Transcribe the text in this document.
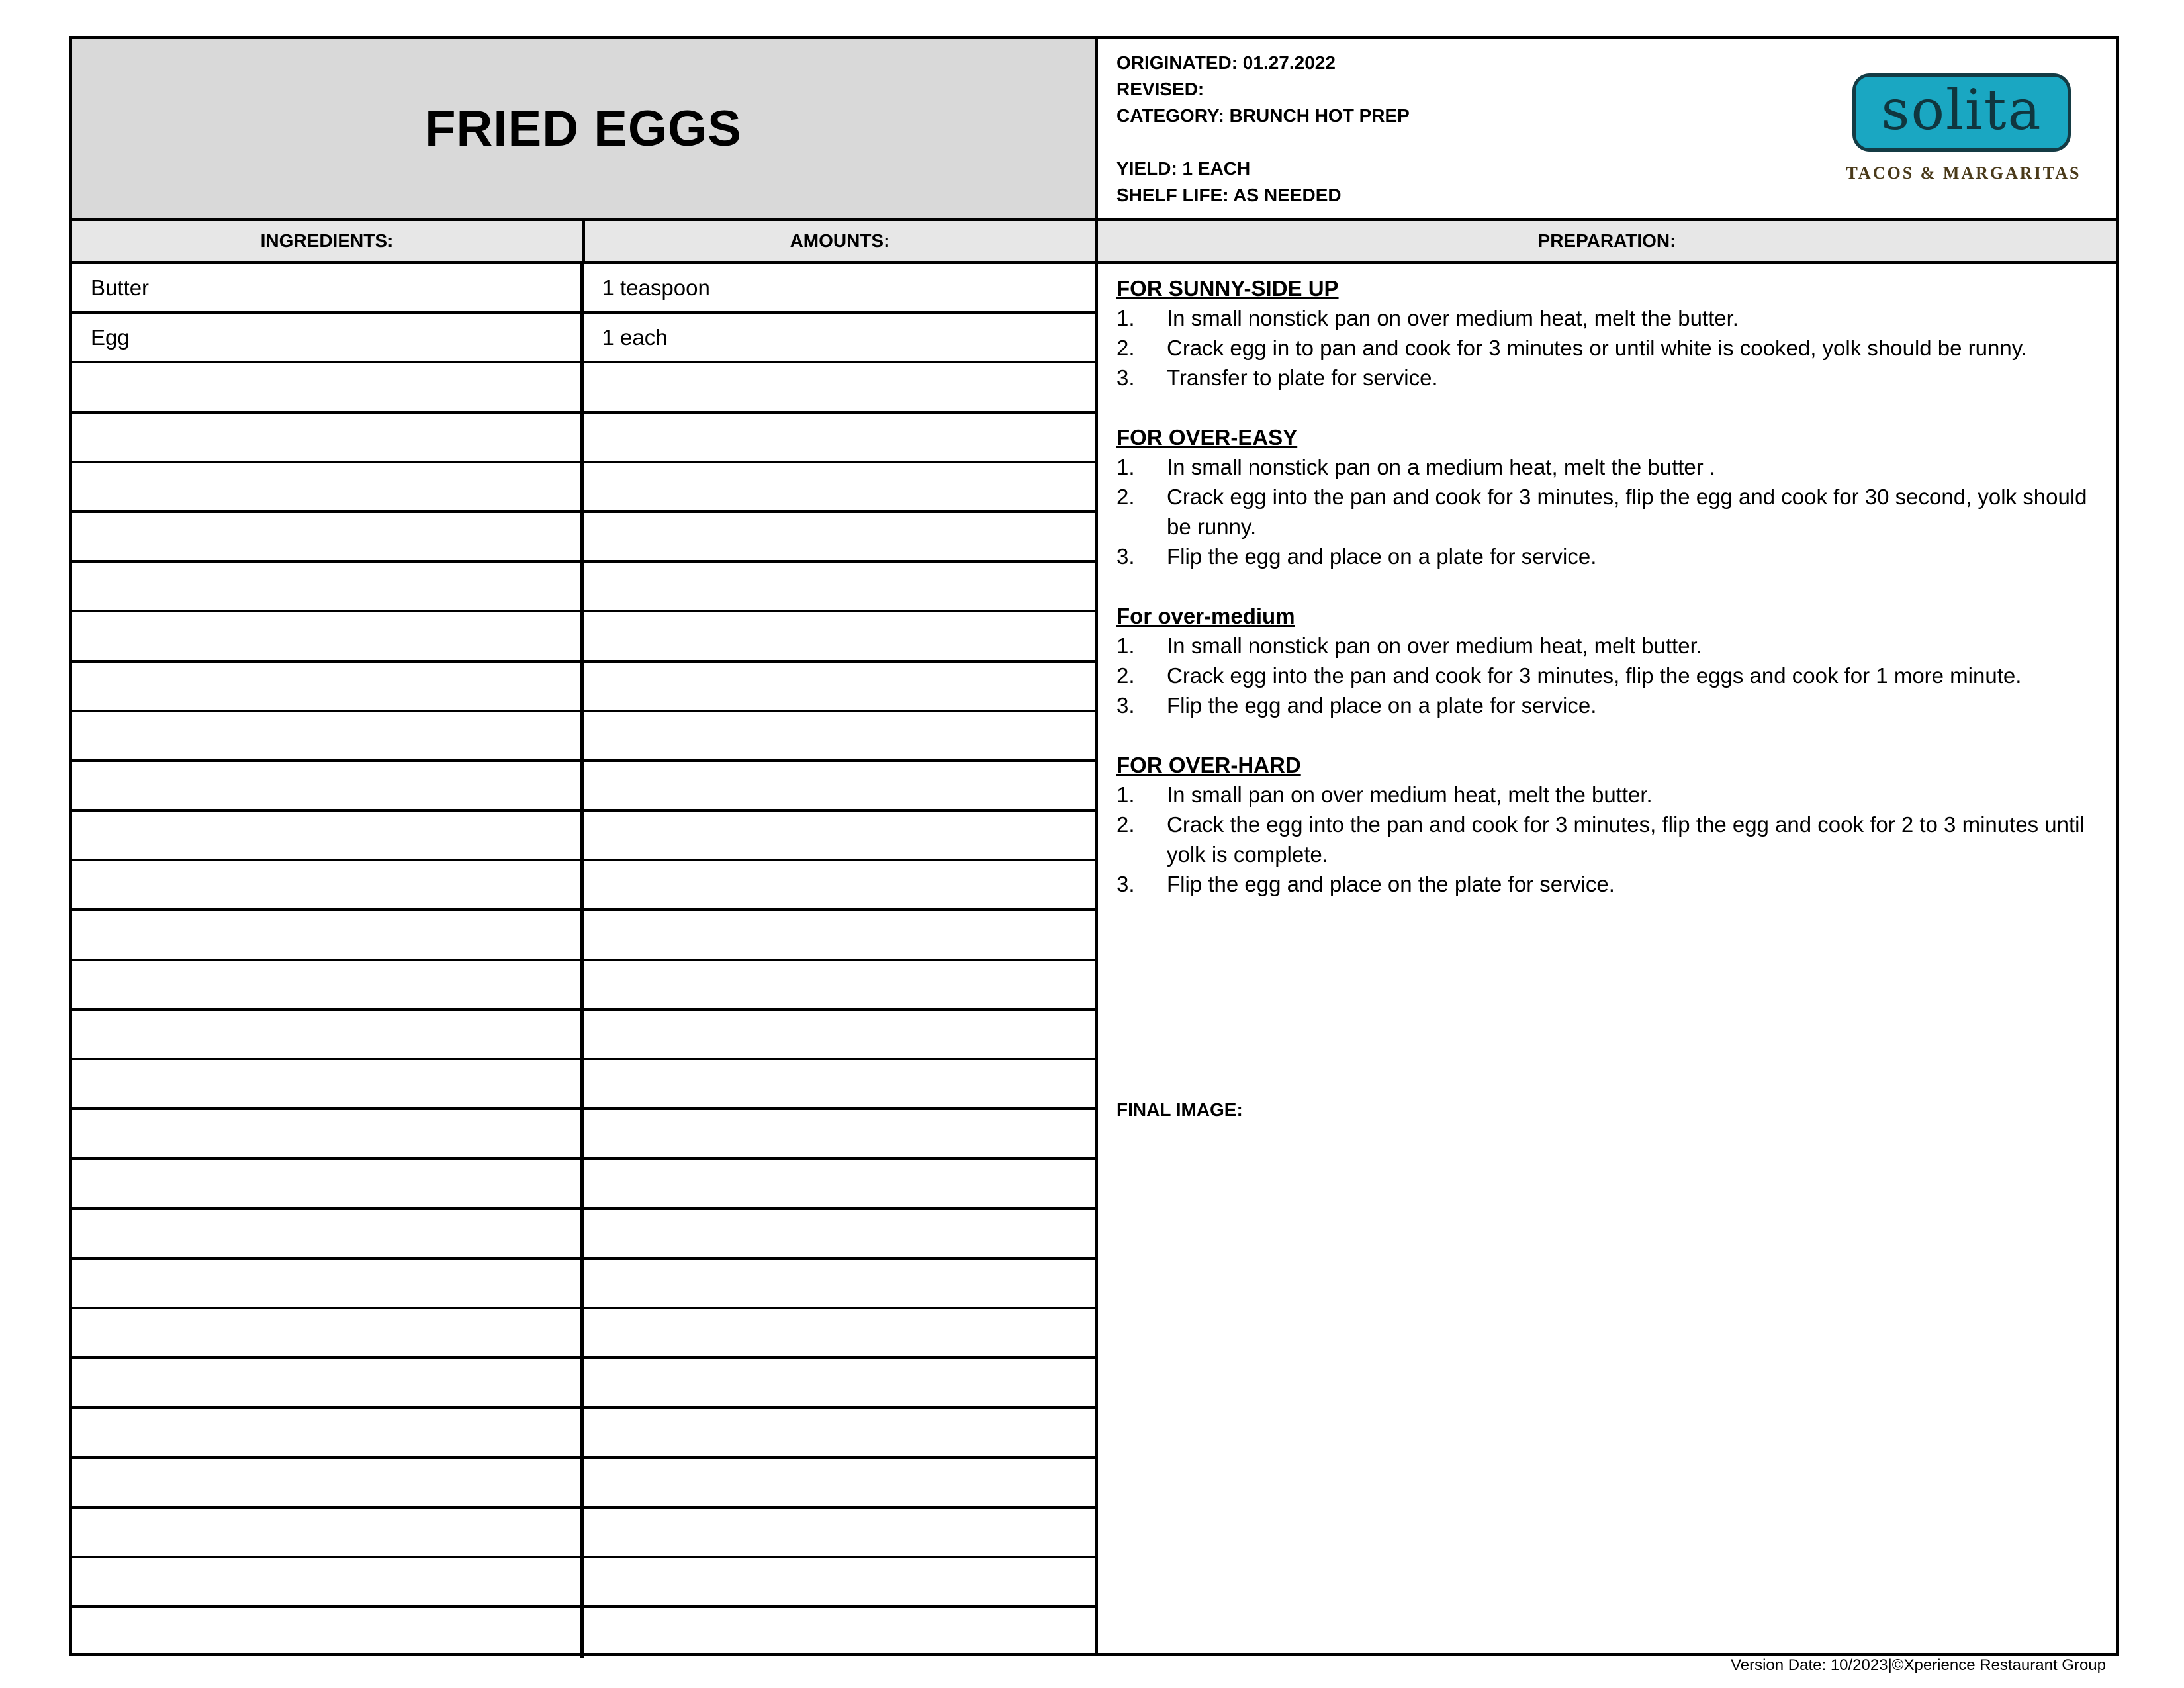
FRIED EGGS
ORIGINATED: 01.27.2022
REVISED:
CATEGORY: BRUNCH HOT PREP
YIELD: 1 EACH
SHELF LIFE: AS NEEDED
solita
TACOS & MARGARITAS
INGREDIENTS:	AMOUNTS:	PREPARATION:
Butter	1 teaspoon
Egg	1 each
FOR SUNNY-SIDE UP
1.	In small nonstick pan on over medium heat, melt the butter.
2.	Crack egg in to pan and cook for 3 minutes or until white is cooked, yolk should be runny.
3.	Transfer to plate for service.
FOR OVER-EASY
1.	In small nonstick pan on a medium heat, melt the butter .
2.	Crack egg into the pan and cook for 3 minutes, flip the egg and cook for 30 second, yolk should be runny.
3.	Flip the egg and place on a plate for service.
For over-medium
1.	In small nonstick pan on over medium heat, melt butter.
2.	Crack egg into the pan and cook for 3 minutes, flip the eggs and cook for 1 more minute.
3.	Flip the egg and place on a plate for service.
FOR OVER-HARD
1.	In small pan on over medium heat, melt the butter.
2.	Crack the egg into the pan and cook for 3 minutes, flip the egg and cook for 2 to 3 minutes until yolk is complete.
3.	Flip the egg and place on the plate for service.
FINAL IMAGE:
Version Date: 10/2023|©Xperience Restaurant Group
